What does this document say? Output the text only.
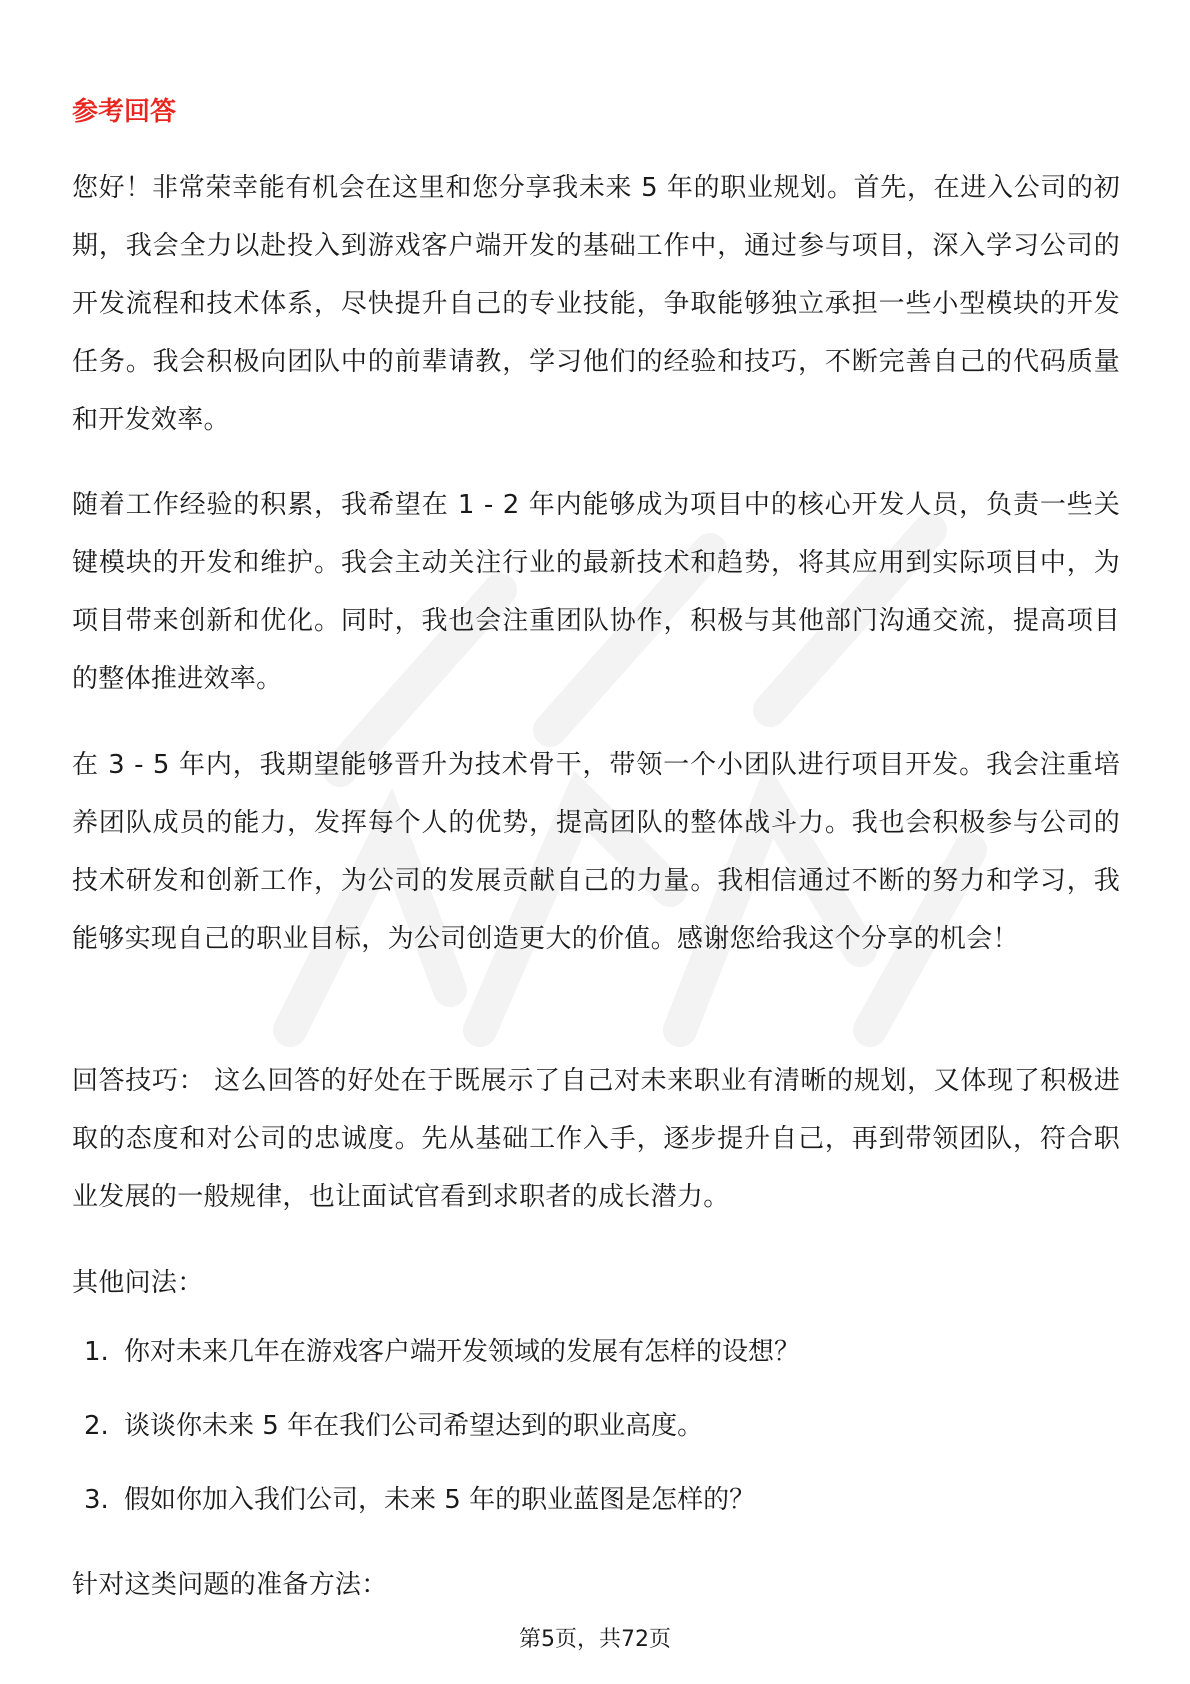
参考回答

您好！非常荣幸能有机会在这里和您分享我未来 5 年的职业规划。首先，在进入公司的初期，我会全力以赴投入到游戏客户端开发的基础工作中，通过参与项目，深入学习公司的开发流程和技术体系，尽快提升自己的专业技能，争取能够独立承担一些小型模块的开发任务。我会积极向团队中的前辈请教，学习他们的经验和技巧，不断完善自己的代码质量和开发效率。

随着工作经验的积累，我希望在 1 - 2 年内能够成为项目中的核心开发人员，负责一些关键模块的开发和维护。我会主动关注行业的最新技术和趋势，将其应用到实际项目中，为项目带来创新和优化。同时，我也会注重团队协作，积极与其他部门沟通交流，提高项目的整体推进效率。

在 3 - 5 年内，我期望能够晋升为技术骨干，带领一个小团队进行项目开发。我会注重培养团队成员的能力，发挥每个人的优势，提高团队的整体战斗力。我也会积极参与公司的技术研发和创新工作，为公司的发展贡献自己的力量。我相信通过不断的努力和学习，我能够实现自己的职业目标，为公司创造更大的价值。感谢您给我这个分享的机会！

回答技巧： 这么回答的好处在于既展示了自己对未来职业有清晰的规划，又体现了积极进取的态度和对公司的忠诚度。先从基础工作入手，逐步提升自己，再到带领团队，符合职业发展的一般规律，也让面试官看到求职者的成长潜力。

其他问法：

1. 你对未来几年在游戏客户端开发领域的发展有怎样的设想？
2. 谈谈你未来 5 年在我们公司希望达到的职业高度。
3. 假如你加入我们公司，未来 5 年的职业蓝图是怎样的？

针对这类问题的准备方法：

第5页，共72页
